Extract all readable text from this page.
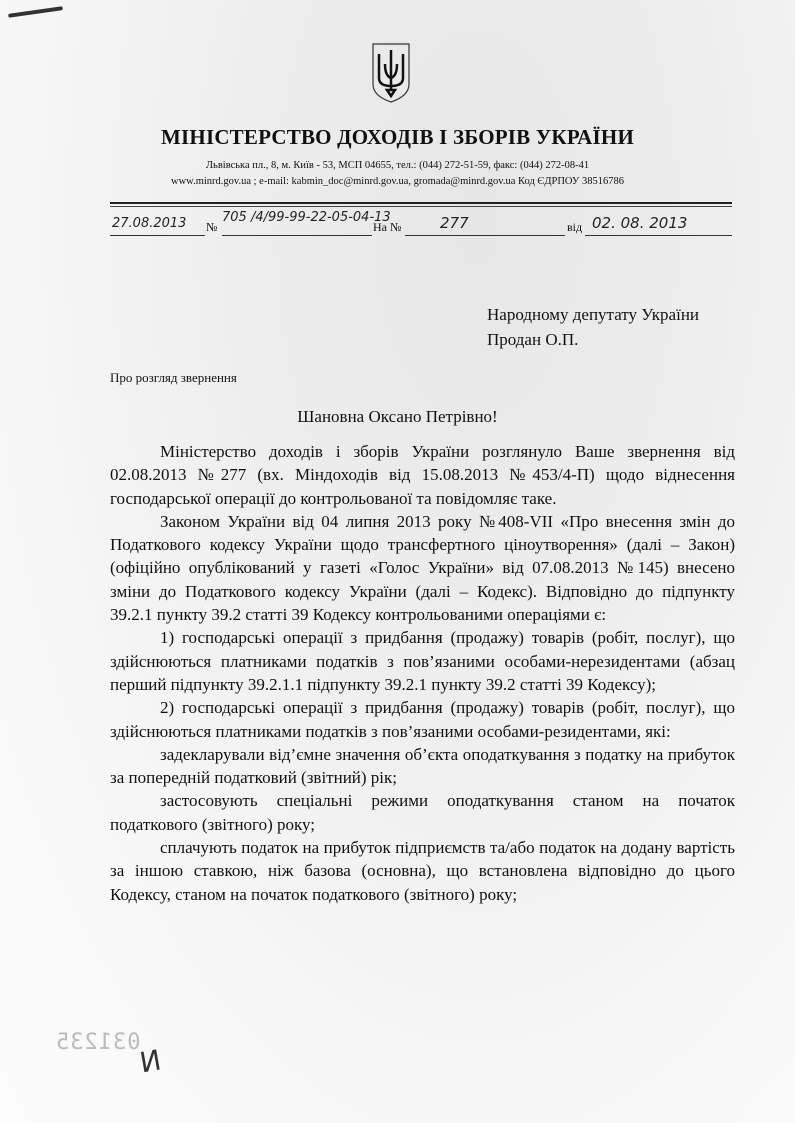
МІНІСТЕРСТВО ДОХОДІВ І ЗБОРІВ УКРАЇНИ
Львівська пл., 8, м. Київ - 53, МСП 04655, тел.: (044) 272-51-59, факс: (044) 272-08-41
www.minrd.gov.ua ; e-mail: kabmin_doc@minrd.gov.ua, gromada@minrd.gov.ua Код ЄДРПОУ 38516786
27.08.2013 №
705 /4/99-99-22-05-04-13
На №	277	від 02. 08. 2013
Народному депутату України
Продан О.П.
Про розгляд звернення
Шановна Оксано Петрівно!

Міністерство доходів і зборів України розглянуло Ваше звернення від 02.08.2013 №277 (вх. Міндоходів від 15.08.2013 №453/4-П) щодо віднесення господарської операції до контрольованої та повідомляє таке.

Законом України від 04 липня 2013 року №408-VII «Про внесення змін до Податкового кодексу України щодо трансфертного ціноутворення» (далі – Закон) (офіційно опублікований у газеті «Голос України» від 07.08.2013 №145) внесено зміни до Податкового кодексу України (далі – Кодекс). Відповідно до підпункту 39.2.1 пункту 39.2 статті 39 Кодексу контрольованими операціями є:

1) господарські операції з придбання (продажу) товарів (робіт, послуг), що здійснюються платниками податків з пов’язаними особами-нерезидентами (абзац перший підпункту 39.2.1.1 підпункту 39.2.1 пункту 39.2 статті 39 Кодексу);

2) господарські операції з придбання (продажу) товарів (робіт, послуг), що здійснюються платниками податків з пов’язаними особами-резидентами, які:

задекларували від’ємне значення об’єкта оподаткування з податку на прибуток за попередній податковий (звітний) рік;

застосовують спеціальні режими оподаткування станом на початок податкового (звітного) року;

сплачують податок на прибуток підприємств та/або податок на додану вартість за іншою ставкою, ніж базова (основна), що встановлена відповідно до цього Кодексу, станом на початок податкового (звітного) року;

031235
И
